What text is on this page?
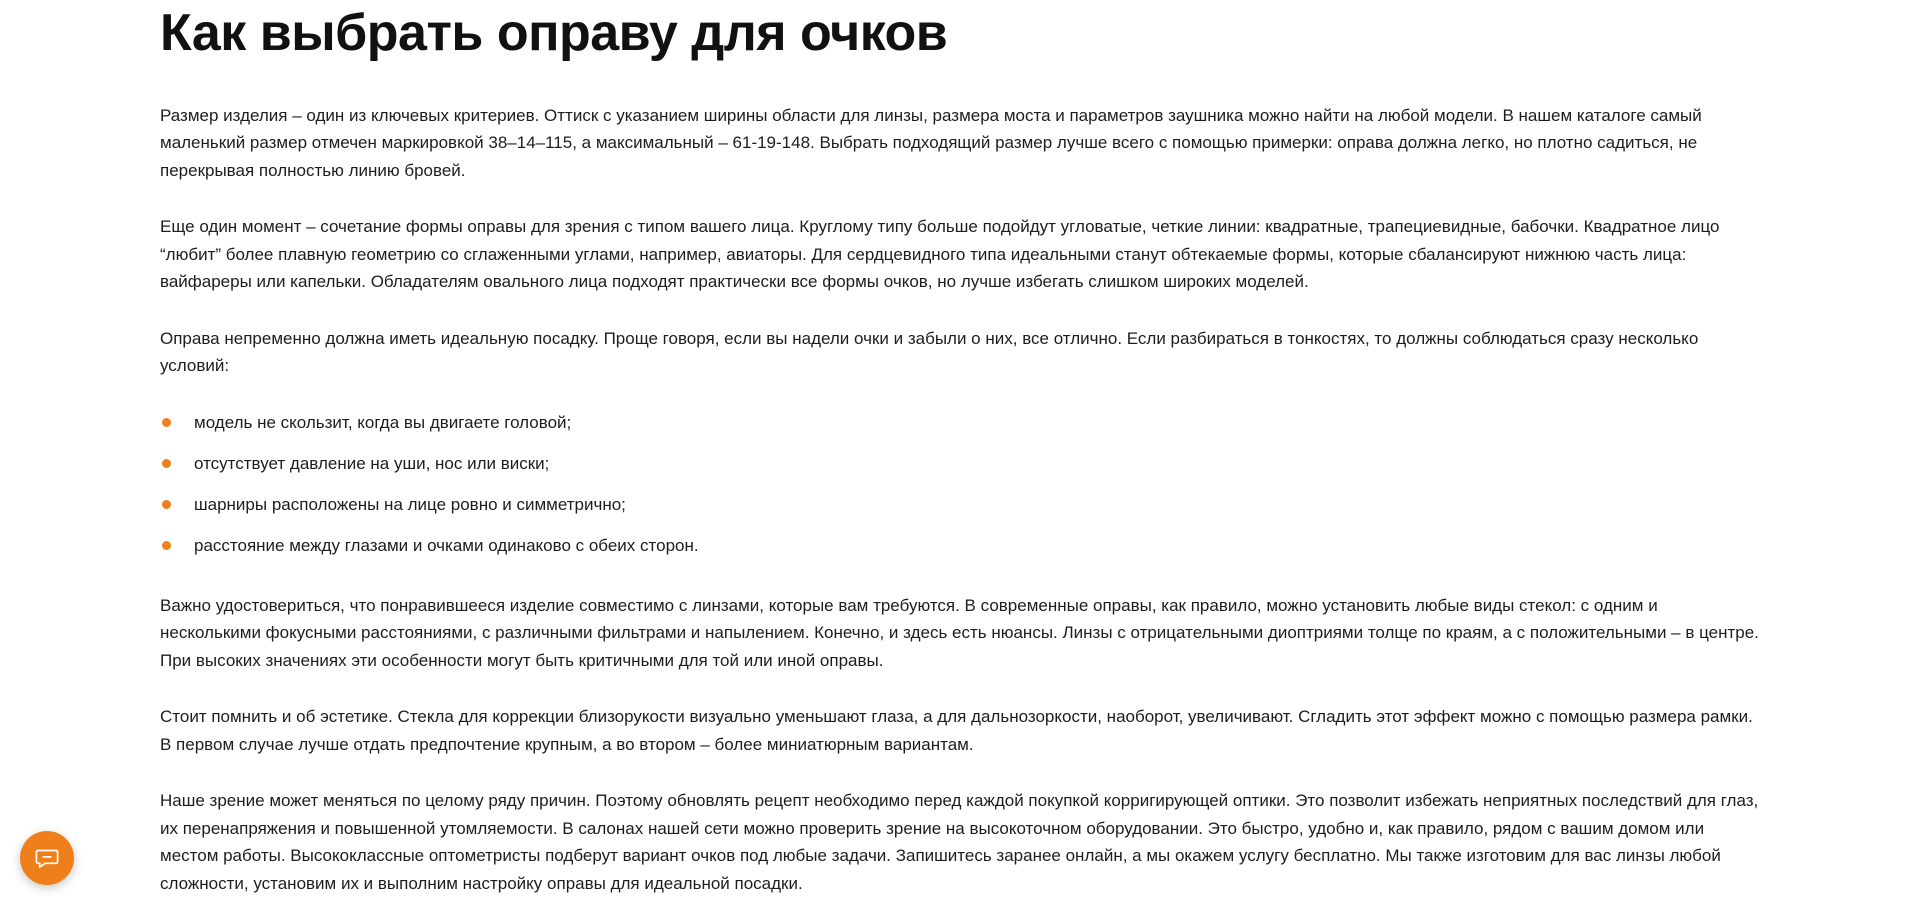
Как выбрать оправу для очков

Размер изделия – один из ключевых критериев. Оттиск с указанием ширины области для линзы, размера моста и параметров заушника можно найти на любой модели. В нашем каталоге самый маленький размер отмечен маркировкой 38–14–115, а максимальный – 61-19-148. Выбрать подходящий размер лучше всего с помощью примерки: оправа должна легко, но плотно садиться, не перекрывая полностью линию бровей.

Еще один момент – сочетание формы оправы для зрения с типом вашего лица. Круглому типу больше подойдут угловатые, четкие линии: квадратные, трапециевидные, бабочки. Квадратное лицо “любит” более плавную геометрию со сглаженными углами, например, авиаторы. Для сердцевидного типа идеальными станут обтекаемые формы, которые сбалансируют нижнюю часть лица: вайфареры или капельки. Обладателям овального лица подходят практически все формы очков, но лучше избегать слишком широких моделей.

Оправа непременно должна иметь идеальную посадку. Проще говоря, если вы надели очки и забыли о них, все отлично. Если разбираться в тонкостях, то должны соблюдаться сразу несколько условий:

модель не скользит, когда вы двигаете головой;
отсутствует давление на уши, нос или виски;
шарниры расположены на лице ровно и симметрично;
расстояние между глазами и очками одинаково с обеих сторон.

Важно удостовериться, что понравившееся изделие совместимо с линзами, которые вам требуются. В современные оправы, как правило, можно установить любые виды стекол: с одним и несколькими фокусными расстояниями, с различными фильтрами и напылением. Конечно, и здесь есть нюансы. Линзы с отрицательными диоптриями толще по краям, а с положительными – в центре. При высоких значениях эти особенности могут быть критичными для той или иной оправы.

Стоит помнить и об эстетике. Стекла для коррекции близорукости визуально уменьшают глаза, а для дальнозоркости, наоборот, увеличивают. Сгладить этот эффект можно с помощью размера рамки. В первом случае лучше отдать предпочтение крупным, а во втором – более миниатюрным вариантам.

Наше зрение может меняться по целому ряду причин. Поэтому обновлять рецепт необходимо перед каждой покупкой корригирующей оптики. Это позволит избежать неприятных последствий для глаз, их перенапряжения и повышенной утомляемости. В салонах нашей сети можно проверить зрение на высокоточном оборудовании. Это быстро, удобно и, как правило, рядом с вашим домом или местом работы. Высококлассные оптометристы подберут вариант очков под любые задачи. Запишитесь заранее онлайн, а мы окажем услугу бесплатно. Мы также изготовим для вас линзы любой сложности, установим их и выполним настройку оправы для идеальной посадки.
